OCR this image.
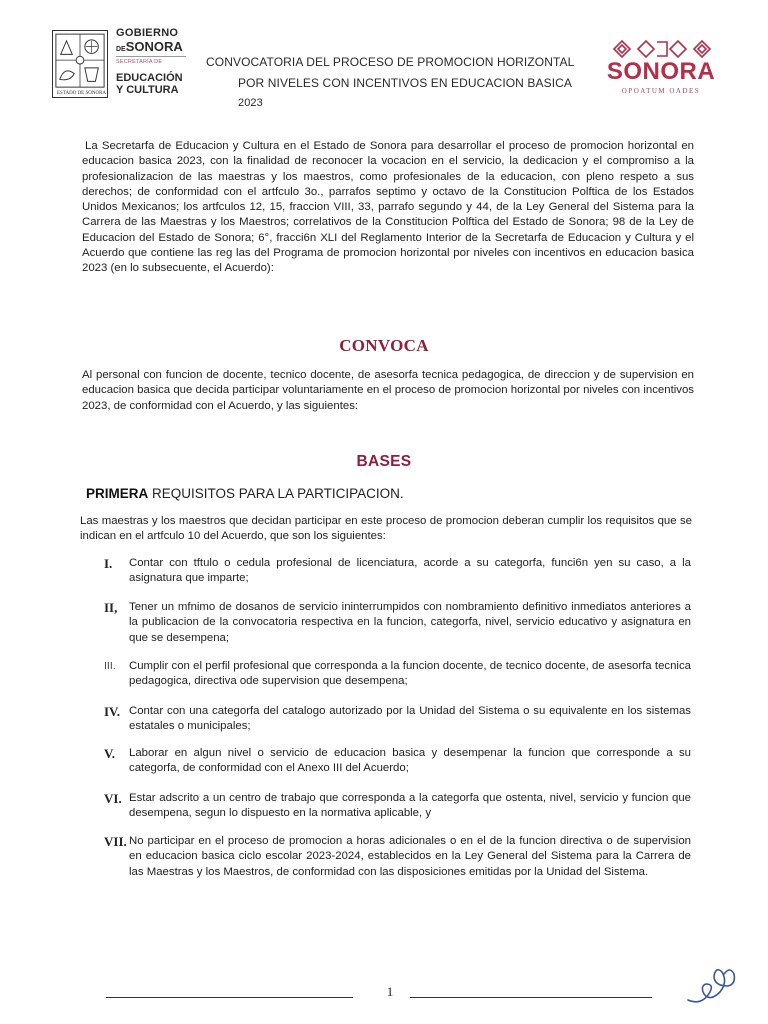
ESTADO DE SONORA
GOBIERNO
DESONORA
SECRETARÍA DE
EDUCACIÓN
Y CULTURA
CONVOCATORIA DEL PROCESO DE PROMOCION HORIZONTAL
POR NIVELES CON INCENTIVOS EN EDUCACION BASICA
2023
SONORA
OPOATUM OADES
La Secretarfa de Educacion y Cultura en el Estado de Sonora para desarrollar el proceso de promocion horizontal en educacion basica 2023, con la finalidad de reconocer la vocacion en el servicio, la dedicacion y el compromiso a la profesionalizacion de las maestras y los maestros, como profesionales de la educacion, con pleno respeto a sus derechos; de conformidad con el artfculo 3o., parrafos septimo y octavo de la Constitucion Polftica de los Estados Unidos Mexicanos; los artfculos 12, 15, fraccion VIII, 33, parrafo segundo y 44, de la Ley General del Sistema para la Carrera de las Maestras y los Maestros; correlativos de la Constitucion Polftica del Estado de Sonora; 98 de la Ley de Educacion del Estado de Sonora; 6°, fracci6n XLI del Reglamento Interior de la Secretarfa de Educacion y Cultura y el Acuerdo que contiene las reg las del Programa de promocion horizontal por niveles con incentivos en educacion basica 2023 (en lo subsecuente, el Acuerdo):
CONVOCA
Al personal con funcion de docente, tecnico docente, de asesorfa tecnica pedagogica, de direccion y de supervision en educacion basica que decida participar voluntariamente en el proceso de promocion horizontal por niveles con incentivos 2023, de conformidad con el Acuerdo, y las siguientes:
BASES
PRIMERA REQUISITOS PARA LA PARTICIPACION.
Las maestras y los maestros que decidan participar en este proceso de promocion deberan cumplir los requisitos que se indican en el artfculo 10 del Acuerdo, que son los siguientes:
I. Contar con tftulo o cedula profesional de licenciatura, acorde a su categorfa, funci6n yen su caso, a la asignatura que imparte;
II, Tener un mfnimo de dosanos de servicio ininterrumpidos con nombramiento definitivo inmediatos anteriores a la publicacion de la convocatoria respectiva en la funcion, categorfa, nivel, servicio educativo y asignatura en que se desempena;
III. Cumplir con el perfil profesional que corresponda a la funcion docente, de tecnico docente, de asesorfa tecnica pedagogica, directiva ode supervision que desempena;
IV. Contar con una categorfa del catalogo autorizado por la Unidad del Sistema o su equivalente en los sistemas estatales o municipales;
V. Laborar en algun nivel o servicio de educacion basica y desempenar la funcion que corresponde a su categorfa, de conformidad con el Anexo III del Acuerdo;
VI. Estar adscrito a un centro de trabajo que corresponda a la categorfa que ostenta, nivel, servicio y funcion que desempena, segun lo dispuesto en la normativa aplicable, y
VII. No participar en el proceso de promocion a horas adicionales o en el de la funcion directiva o de supervision en educacion basica ciclo escolar 2023-2024, establecidos en la Ley General del Sistema para la Carrera de las Maestras y los Maestros, de conformidad con las disposiciones emitidas por la Unidad del Sistema.
1
